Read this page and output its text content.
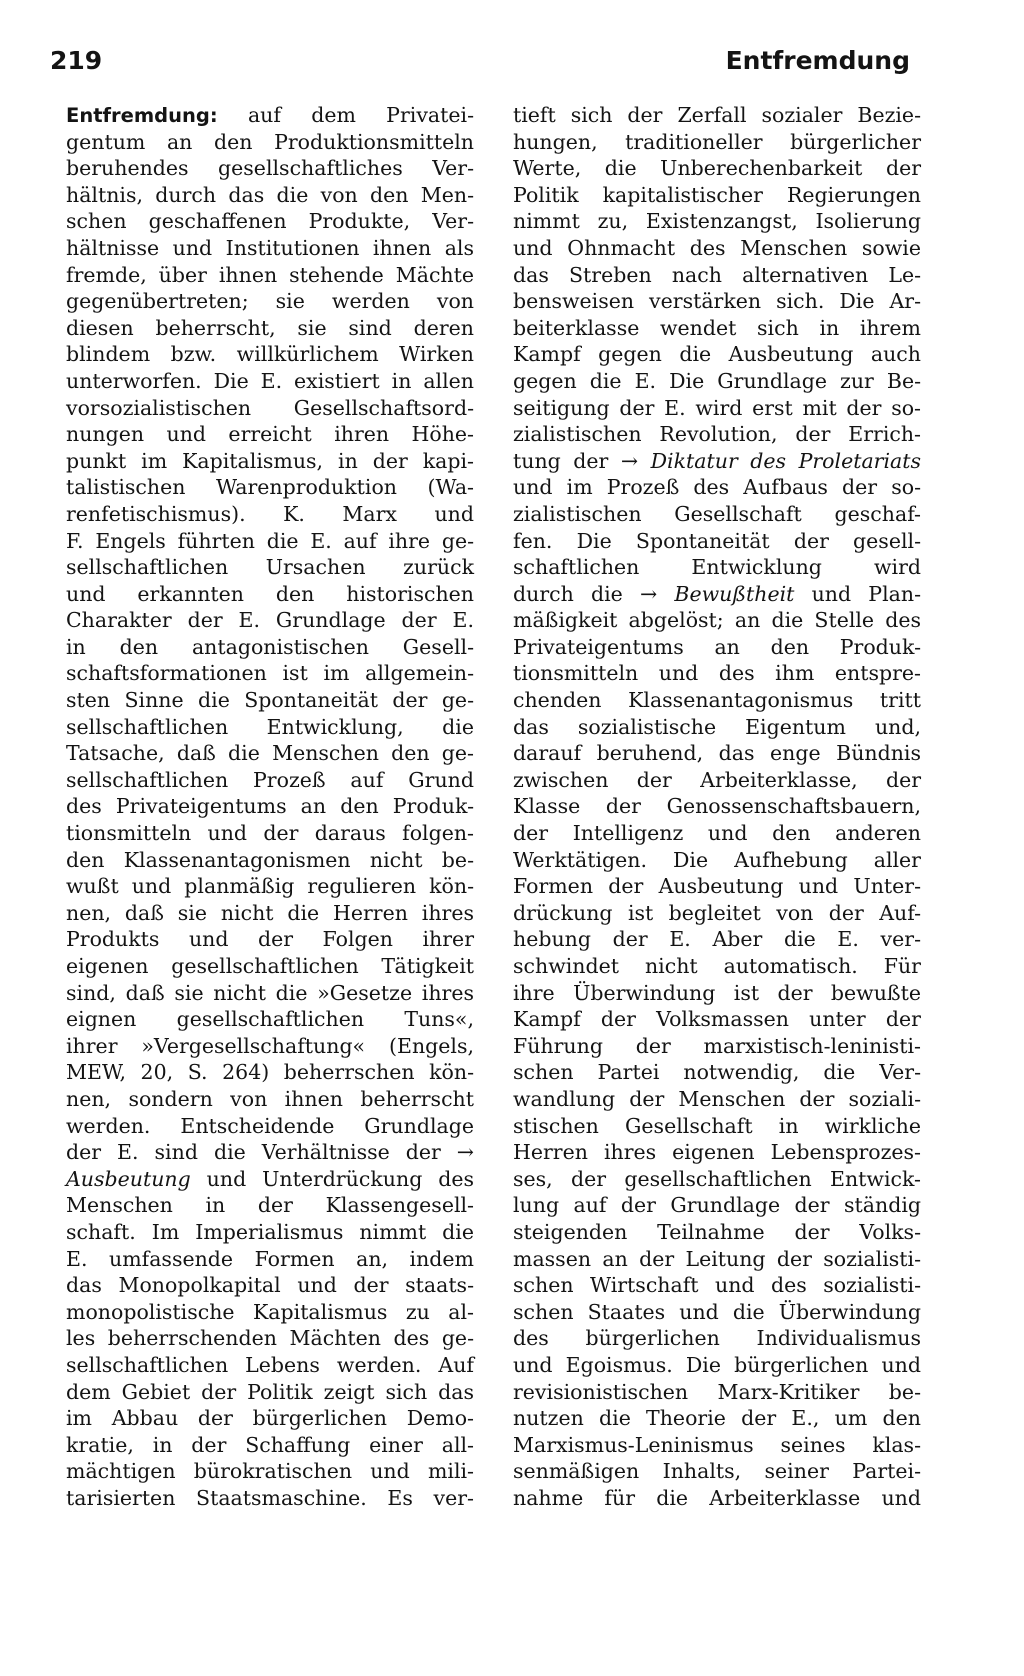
219	Entfremdung
Entfremdung: auf dem Privatei-
gentum an den Produktionsmitteln
beruhendes gesellschaftliches Ver-
hältnis, durch das die von den Men-
schen geschaffenen Produkte, Ver-
hältnisse und Institutionen ihnen als
fremde, über ihnen stehende Mächte
gegenübertreten; sie werden von
diesen beherrscht, sie sind deren
blindem bzw. willkürlichem Wirken
unterworfen. Die E. existiert in allen
vorsozialistischen Gesellschaftsord-
nungen und erreicht ihren Höhe-
punkt im Kapitalismus, in der kapi-
talistischen Warenproduktion (Wa-
renfetischismus). K. Marx und
F. Engels führten die E. auf ihre ge-
sellschaftlichen Ursachen zurück
und erkannten den historischen
Charakter der E. Grundlage der E.
in den antagonistischen Gesell-
schaftsformationen ist im allgemein-
sten Sinne die Spontaneität der ge-
sellschaftlichen Entwicklung, die
Tatsache, daß die Menschen den ge-
sellschaftlichen Prozeß auf Grund
des Privateigentums an den Produk-
tionsmitteln und der daraus folgen-
den Klassenantagonismen nicht be-
wußt und planmäßig regulieren kön-
nen, daß sie nicht die Herren ihres
Produkts und der Folgen ihrer
eigenen gesellschaftlichen Tätigkeit
sind, daß sie nicht die »Gesetze ihres
eignen gesellschaftlichen Tuns«,
ihrer »Vergesellschaftung« (Engels,
MEW, 20, S. 264) beherrschen kön-
nen, sondern von ihnen beherrscht
werden. Entscheidende Grundlage
der E. sind die Verhältnisse der →
Ausbeutung und Unterdrückung des
Menschen in der Klassengesell-
schaft. Im Imperialismus nimmt die
E. umfassende Formen an, indem
das Monopolkapital und der staats-
monopolistische Kapitalismus zu al-
les beherrschenden Mächten des ge-
sellschaftlichen Lebens werden. Auf
dem Gebiet der Politik zeigt sich das
im Abbau der bürgerlichen Demo-
kratie, in der Schaffung einer all-
mächtigen bürokratischen und mili-
tarisierten Staatsmaschine. Es ver-
tieft sich der Zerfall sozialer Bezie-
hungen, traditioneller bürgerlicher
Werte, die Unberechenbarkeit der
Politik kapitalistischer Regierungen
nimmt zu, Existenzangst, Isolierung
und Ohnmacht des Menschen sowie
das Streben nach alternativen Le-
bensweisen verstärken sich. Die Ar-
beiterklasse wendet sich in ihrem
Kampf gegen die Ausbeutung auch
gegen die E. Die Grundlage zur Be-
seitigung der E. wird erst mit der so-
zialistischen Revolution, der Errich-
tung der → Diktatur des Proletariats
und im Prozeß des Aufbaus der so-
zialistischen Gesellschaft geschaf-
fen. Die Spontaneität der gesell-
schaftlichen Entwicklung wird
durch die → Bewußtheit und Plan-
mäßigkeit abgelöst; an die Stelle des
Privateigentums an den Produk-
tionsmitteln und des ihm entspre-
chenden Klassenantagonismus tritt
das sozialistische Eigentum und,
darauf beruhend, das enge Bündnis
zwischen der Arbeiterklasse, der
Klasse der Genossenschaftsbauern,
der Intelligenz und den anderen
Werktätigen. Die Aufhebung aller
Formen der Ausbeutung und Unter-
drückung ist begleitet von der Auf-
hebung der E. Aber die E. ver-
schwindet nicht automatisch. Für
ihre Überwindung ist der bewußte
Kampf der Volksmassen unter der
Führung der marxistisch-leninisti-
schen Partei notwendig, die Ver-
wandlung der Menschen der soziali-
stischen Gesellschaft in wirkliche
Herren ihres eigenen Lebensprozes-
ses, der gesellschaftlichen Entwick-
lung auf der Grundlage der ständig
steigenden Teilnahme der Volks-
massen an der Leitung der sozialisti-
schen Wirtschaft und des sozialisti-
schen Staates und die Überwindung
des bürgerlichen Individualismus
und Egoismus. Die bürgerlichen und
revisionistischen Marx-Kritiker be-
nutzen die Theorie der E., um den
Marxismus-Leninismus seines klas-
senmäßigen Inhalts, seiner Partei-
nahme für die Arbeiterklasse und
